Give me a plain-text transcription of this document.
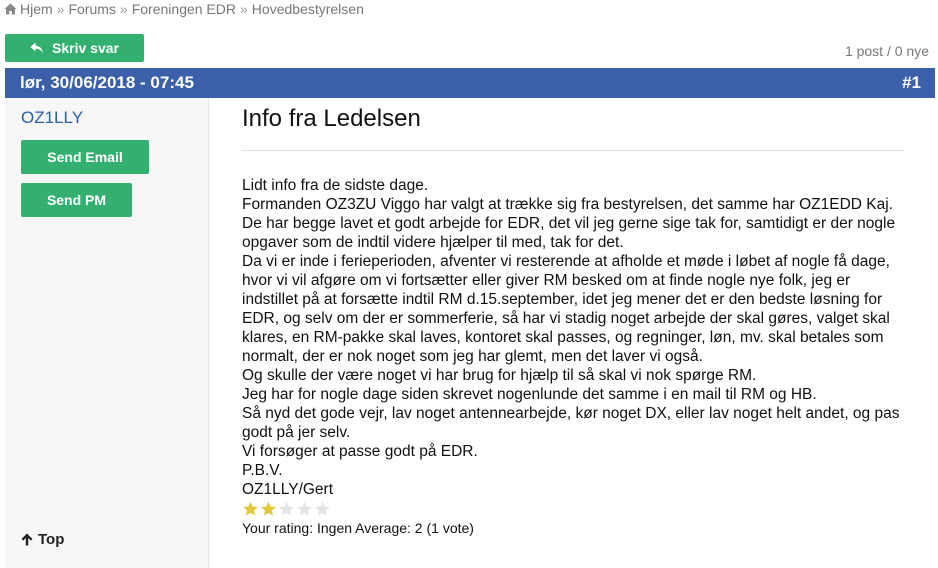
Hjem » Forums » Foreningen EDR » Hovedbestyrelsen
Skriv svar	1 post / 0 nye
lør, 30/06/2018 - 07:45	#1
OZ1LLY
Send Email
Send PM
Top
Info fra Ledelsen

Lidt info fra de sidste dage.

Formanden OZ3ZU Viggo har valgt at trække sig fra bestyrelsen, det samme har OZ1EDD Kaj.

De har begge lavet et godt arbejde for EDR, det vil jeg gerne sige tak for, samtidigt er der nogle opgaver som de indtil videre hjælper til med, tak for det.

Da vi er inde i ferieperioden, afventer vi resterende at afholde et møde i løbet af nogle få dage, hvor vi vil afgøre om vi fortsætter eller giver RM besked om at finde nogle nye folk, jeg er indstillet på at forsætte indtil RM d.15.september, idet jeg mener det er den bedste løsning for EDR, og selv om der er sommerferie, så har vi stadig noget arbejde der skal gøres, valget skal klares, en RM-pakke skal laves, kontoret skal passes, og regninger, løn, mv. skal betales som normalt, der er nok noget som jeg har glemt, men det laver vi også.

Og skulle der være noget vi har brug for hjælp til så skal vi nok spørge RM.

Jeg har for nogle dage siden skrevet nogenlunde det samme i en mail til RM og HB.

Så nyd det gode vejr, lav noget antennearbejde, kør noget DX, eller lav noget helt andet, og pas godt på jer selv.

Vi forsøger at passe godt på EDR.

P.B.V.

OZ1LLY/Gert

Your rating: Ingen Average: 2 (1 vote)
